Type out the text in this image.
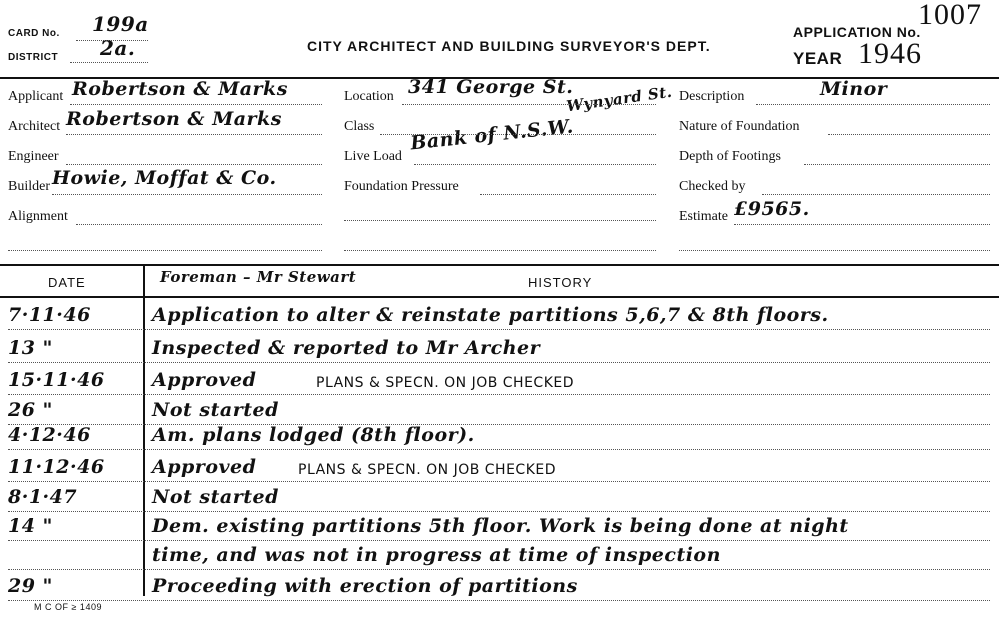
CARD No. 199a
DISTRICT 2a.	CITY ARCHITECT AND BUILDING SURVEYOR'S DEPT.
APPLICATION No.
1007
YEAR 1946
Applicant Robertson & Marks
Architect Robertson & Marks
Engineer
Builder Howie, Moffat & Co.
Alignment
Location 341 George St.
Wynyard St.
Class Bank of N.S.W.
Live Load
Foundation Pressure
Description	Minor
Nature of Foundation
Depth of Footings
Checked by
Estimate £9565.
DATE	Foreman – Mr Stewart	HISTORY
7·11·46	Application to alter & reinstate partitions 5,6,7 & 8th floors.
13 "	Inspected & reported to Mr Archer
15·11·46 Approved	PLANS & SPECN. ON JOB CHECKED
26 "	Not started
4·12·46	Am. plans lodged (8th floor).
11·12·46 Approved	PLANS & SPECN. ON JOB CHECKED
8·1·47	Not started
14 "	Dem. existing partitions 5th floor. Work is being done at night
time, and was not in progress at time of inspection
29 "	Proceeding with erection of partitions
M C OF ≥ 1409
